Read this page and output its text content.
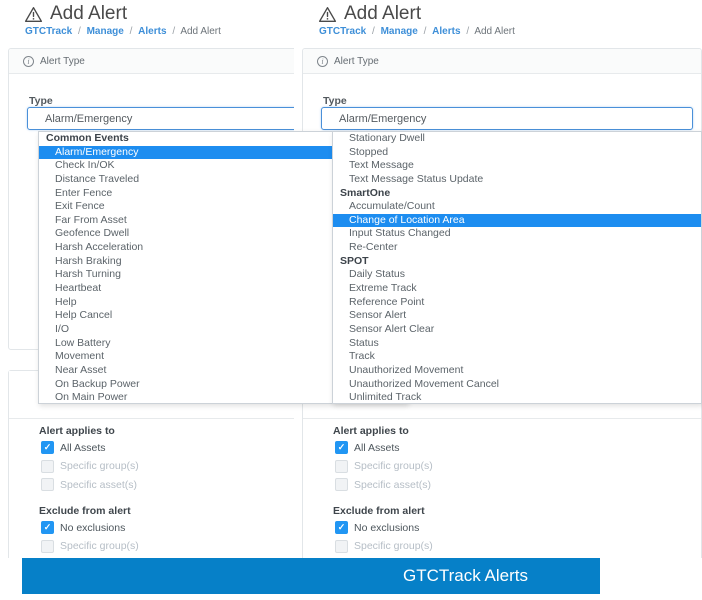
Add Alert
GTCTrack / Manage / Alerts / Add Alert
i	Alert Type
Type
Alarm/Emergency
Alert applies to
✓ All Assets
Specific group(s)
Specific asset(s)
Exclude from alert
✓ No exclusions
Specific group(s)
Common Events
Alarm/Emergency
Check In/OK
Distance Traveled
Enter Fence
Exit Fence
Far From Asset
Geofence Dwell
Harsh Acceleration
Harsh Braking
Harsh Turning
Heartbeat
Help
Help Cancel
I/O
Low Battery
Movement
Near Asset
On Backup Power
On Main Power
Add Alert
GTCTrack / Manage / Alerts / Add Alert
i	Alert Type
Type
Alarm/Emergency
Alert applies to
✓ All Assets
Specific group(s)
Specific asset(s)
Exclude from alert
✓ No exclusions
Specific group(s)
Stationary Dwell
Stopped
Text Message
Text Message Status Update
SmartOne
Accumulate/Count
Change of Location Area
Input Status Changed
Re-Center
SPOT
Daily Status
Extreme Track
Reference Point
Sensor Alert
Sensor Alert Clear
Status
Track
Unauthorized Movement
Unauthorized Movement Cancel
Unlimited Track
GTCTrack Alerts
